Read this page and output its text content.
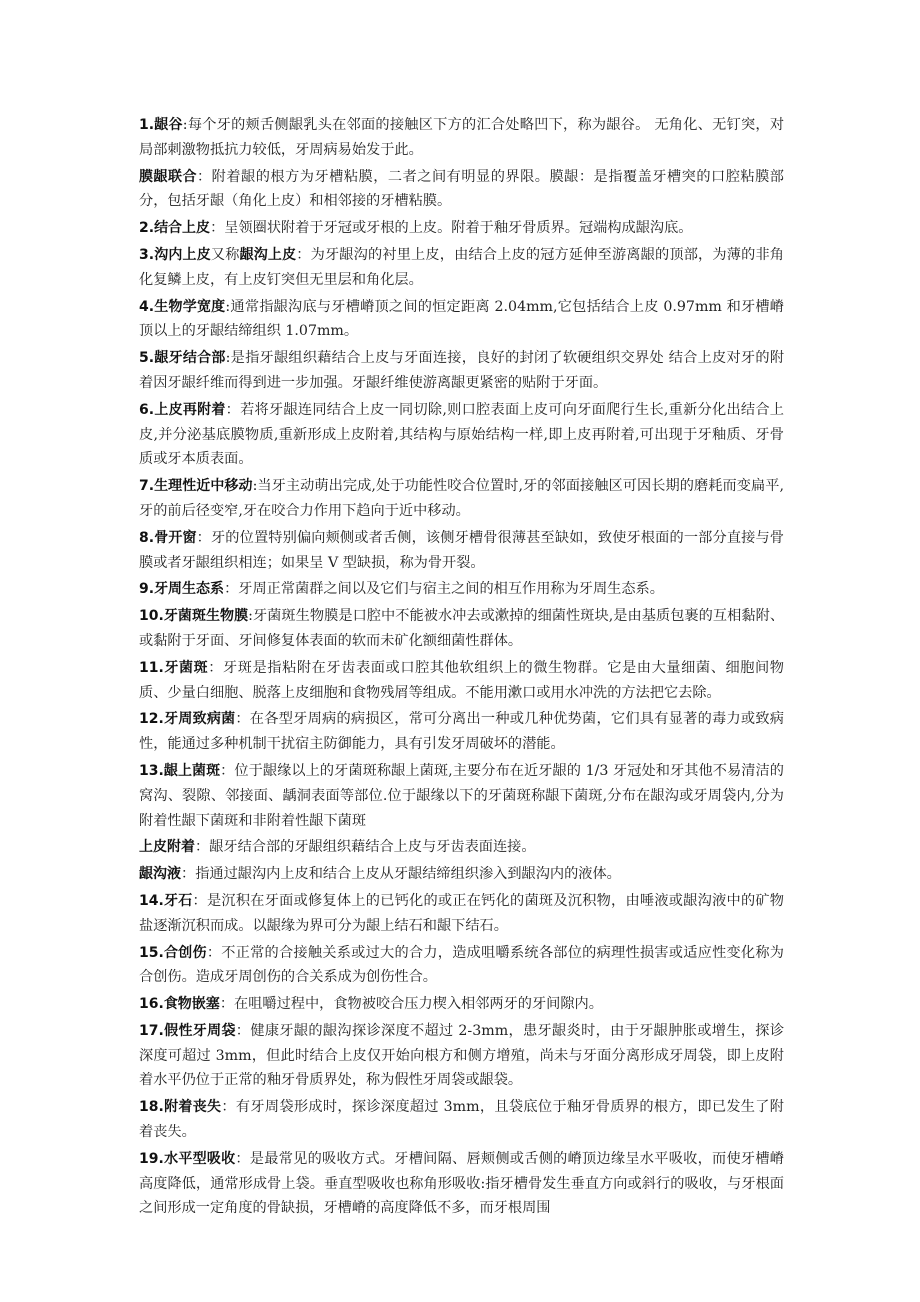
1.龈谷:每个牙的颊舌侧龈乳头在邻面的接触区下方的汇合处略凹下，称为龈谷。 无角化、无钉突，对局部刺激物抵抗力较低，牙周病易始发于此。

膜龈联合：附着龈的根方为牙槽粘膜，二者之间有明显的界限。膜龈：是指覆盖牙槽突的口腔粘膜部分，包括牙龈（角化上皮）和相邻接的牙槽粘膜。

2.结合上皮：呈领圈状附着于牙冠或牙根的上皮。附着于釉牙骨质界。冠端构成龈沟底。

3.沟内上皮又称龈沟上皮：为牙龈沟的衬里上皮，由结合上皮的冠方延伸至游离龈的顶部，为薄的非角化复鳞上皮，有上皮钉突但无里层和角化层。

4.生物学宽度:通常指龈沟底与牙槽嵴顶之间的恒定距离 2.04mm,它包括结合上皮 0.97mm 和牙槽嵴顶以上的牙龈结缔组织 1.07mm。

5.龈牙结合部:是指牙龈组织藉结合上皮与牙面连接，良好的封闭了软硬组织交界处 结合上皮对牙的附着因牙龈纤维而得到进一步加强。牙龈纤维使游离龈更紧密的贴附于牙面。

6.上皮再附着：若将牙龈连同结合上皮一同切除,则口腔表面上皮可向牙面爬行生长,重新分化出结合上皮,并分泌基底膜物质,重新形成上皮附着,其结构与原始结构一样,即上皮再附着,可出现于牙釉质、牙骨质或牙本质表面。

7.生理性近中移动:当牙主动萌出完成,处于功能性咬合位置时,牙的邻面接触区可因长期的磨耗而变扁平,牙的前后径变窄,牙在咬合力作用下趋向于近中移动。

8.骨开窗：牙的位置特别偏向颊侧或者舌侧，该侧牙槽骨很薄甚至缺如，致使牙根面的一部分直接与骨膜或者牙龈组织相连；如果呈 V 型缺损，称为骨开裂。

9.牙周生态系：牙周正常菌群之间以及它们与宿主之间的相互作用称为牙周生态系。

10.牙菌斑生物膜:牙菌斑生物膜是口腔中不能被水冲去或漱掉的细菌性斑块,是由基质包裹的互相黏附、或黏附于牙面、牙间修复体表面的软而未矿化额细菌性群体。

11.牙菌斑：牙斑是指粘附在牙齿表面或口腔其他软组织上的微生物群。它是由大量细菌、细胞间物质、少量白细胞、脱落上皮细胞和食物残屑等组成。不能用漱口或用水冲洗的方法把它去除。

12.牙周致病菌：在各型牙周病的病损区，常可分离出一种或几种优势菌，它们具有显著的毒力或致病性，能通过多种机制干扰宿主防御能力，具有引发牙周破坏的潜能。

13.龈上菌斑：位于龈缘以上的牙菌斑称龈上菌斑,主要分布在近牙龈的 1/3 牙冠处和牙其他不易清洁的窝沟、裂隙、邻接面、龋洞表面等部位.位于龈缘以下的牙菌斑称龈下菌斑,分布在龈沟或牙周袋内,分为附着性龈下菌斑和非附着性龈下菌斑

上皮附着：龈牙结合部的牙龈组织藉结合上皮与牙齿表面连接。

龈沟液：指通过龈沟内上皮和结合上皮从牙龈结缔组织渗入到龈沟内的液体。

14.牙石：是沉积在牙面或修复体上的已钙化的或正在钙化的菌斑及沉积物，由唾液或龈沟液中的矿物盐逐渐沉积而成。以龈缘为界可分为龈上结石和龈下结石。

15.合创伤：不正常的合接触关系或过大的合力，造成咀嚼系统各部位的病理性损害或适应性变化称为合创伤。造成牙周创伤的合关系成为创伤性合。

16.食物嵌塞：在咀嚼过程中，食物被咬合压力楔入相邻两牙的牙间隙内。

17.假性牙周袋：健康牙龈的龈沟探诊深度不超过 2-3mm，患牙龈炎时，由于牙龈肿胀或增生，探诊深度可超过 3mm，但此时结合上皮仅开始向根方和侧方增殖，尚未与牙面分离形成牙周袋，即上皮附着水平仍位于正常的釉牙骨质界处，称为假性牙周袋或龈袋。

18.附着丧失：有牙周袋形成时，探诊深度超过 3mm，且袋底位于釉牙骨质界的根方，即已发生了附着丧失。

19.水平型吸收：是最常见的吸收方式。牙槽间隔、唇颊侧或舌侧的嵴顶边缘呈水平吸收，而使牙槽嵴高度降低，通常形成骨上袋。垂直型吸收也称角形吸收:指牙槽骨发生垂直方向或斜行的吸收，与牙根面之间形成一定角度的骨缺损，牙槽嵴的高度降低不多，而牙根周围
